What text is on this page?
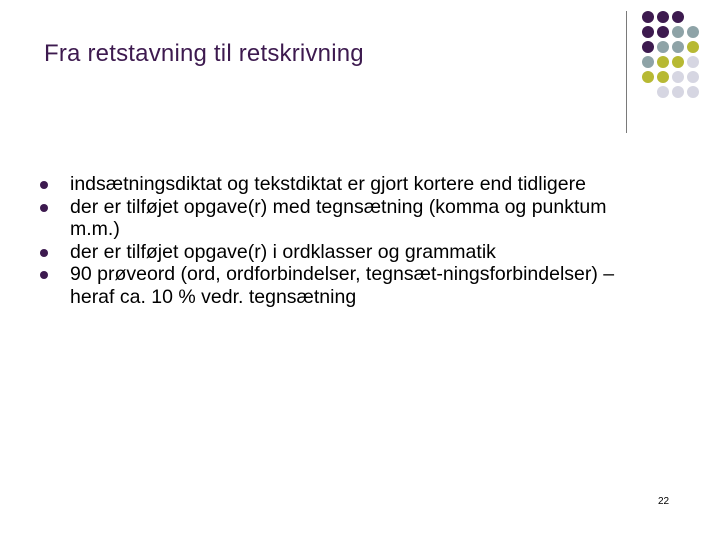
Fra retstavning til retskrivning
indsætningsdiktat og tekstdiktat er gjort kortere end tidligere
der er tilføjet opgave(r) med tegnsætning (komma og punktum m.m.)
der er tilføjet opgave(r) i ordklasser og grammatik
90 prøveord (ord, ordforbindelser, tegnsæt-ningsforbindelser) – heraf ca. 10 % vedr. tegnsætning
22
